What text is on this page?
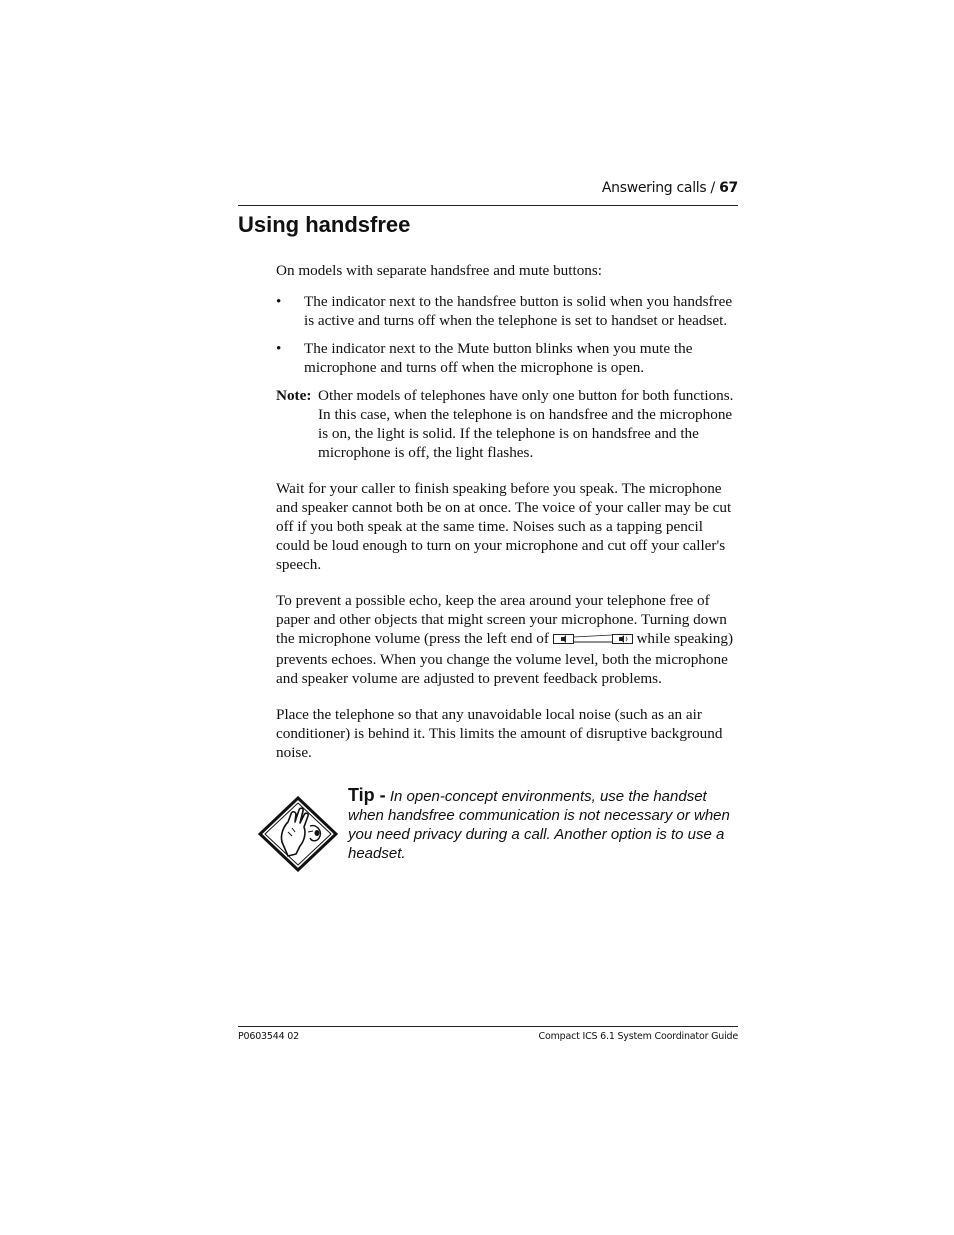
Answering calls / 67
Using handsfree

On models with separate handsfree and mute buttons:

• The indicator next to the handsfree button is solid when you handsfree is active and turns off when the telephone is set to handset or headset.
• The indicator next to the Mute button blinks when you mute the microphone and turns off when the microphone is open.
Note: Other models of telephones have only one button for both functions. In this case, when the telephone is on handsfree and the microphone is on, the light is solid. If the telephone is on handsfree and the microphone is off, the light flashes.

Wait for your caller to finish speaking before you speak. The microphone and speaker cannot both be on at once. The voice of your caller may be cut off if you both speak at the same time. Noises such as a tapping pencil could be loud enough to turn on your microphone and cut off your caller's speech.

To prevent a possible echo, keep the area around your telephone free of paper and other objects that might screen your microphone. Turning down the microphone volume (press the left end of	while speaking) prevents echoes. When you change the volume level, both the microphone and speaker volume are adjusted to prevent feedback problems.

Place the telephone so that any unavoidable local noise (such as an air conditioner) is behind it. This limits the amount of disruptive background noise.

Tip - In open-concept environments, use the handset when handsfree communication is not necessary or when you need privacy during a call. Another option is to use a headset.

P0603544 02	Compact ICS 6.1 System Coordinator Guide
